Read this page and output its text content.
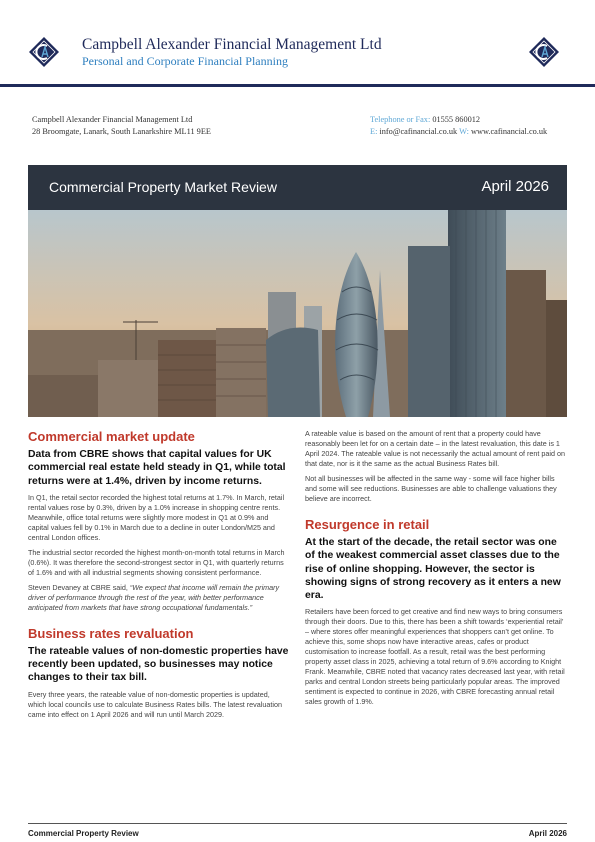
Campbell Alexander Financial Management Ltd
Personal and Corporate Financial Planning
Campbell Alexander Financial Management Ltd
28 Broomgate, Lanark, South Lanarkshire ML11 9EE
Telephone or Fax: 01555 860012
E: info@cafinancial.co.uk W: www.cafinancial.co.uk
Commercial Property Market Review	April 2026
Commercial market update

Data from CBRE shows that capital values for UK commercial real estate held steady in Q1, while total returns were at 1.4%, driven by income returns.

In Q1, the retail sector recorded the highest total returns at 1.7%. In March, retail rental values rose by 0.3%, driven by a 1.0% increase in shopping centre rents. Meanwhile, office total returns were slightly more modest in Q1 at 0.9% and capital values fell by 0.1% in March due to a decline in outer London/M25 and central London offices.

The industrial sector recorded the highest month-on-month total returns in March (0.6%). It was therefore the second-strongest sector in Q1, with quarterly returns of 1.6% and with all industrial segments showing consistent performance.

Steven Devaney at CBRE said, “We expect that income will remain the primary driver of performance through the rest of the year, with better performance anticipated from markets that have strong occupational fundamentals.”

Business rates revaluation

The rateable values of non-domestic properties have recently been updated, so businesses may notice changes to their tax bill.

Every three years, the rateable value of non-domestic properties is updated, which local councils use to calculate Business Rates bills. The latest revaluation came into effect on 1 April 2026 and will run until March 2029.

A rateable value is based on the amount of rent that a property could have reasonably been let for on a certain date – in the latest revaluation, this date is 1 April 2024. The rateable value is not necessarily the actual amount of rent paid on that date, nor is it the same as the actual Business Rates bill.

Not all businesses will be affected in the same way - some will face higher bills and some will see reductions. Businesses are able to challenge valuations they believe are incorrect.

Resurgence in retail

At the start of the decade, the retail sector was one of the weakest commercial asset classes due to the rise of online shopping. However, the sector is showing signs of strong recovery as it enters a new era.

Retailers have been forced to get creative and find new ways to bring consumers through their doors. Due to this, there has been a shift towards ‘experiential retail’ – where stores offer meaningful experiences that shoppers can’t get online. To achieve this, some shops now have interactive areas, cafes or product customisation to increase footfall. As a result, retail was the best performing property asset class in 2025, achieving a total return of 9.6% according to Knight Frank. Meanwhile, CBRE noted that vacancy rates decreased last year, with retail parks and central London streets being particularly popular areas. The improved sentiment is expected to continue in 2026, with CBRE forecasting annual retail sales growth of 1.9%.

Commercial Property Review	April 2026
